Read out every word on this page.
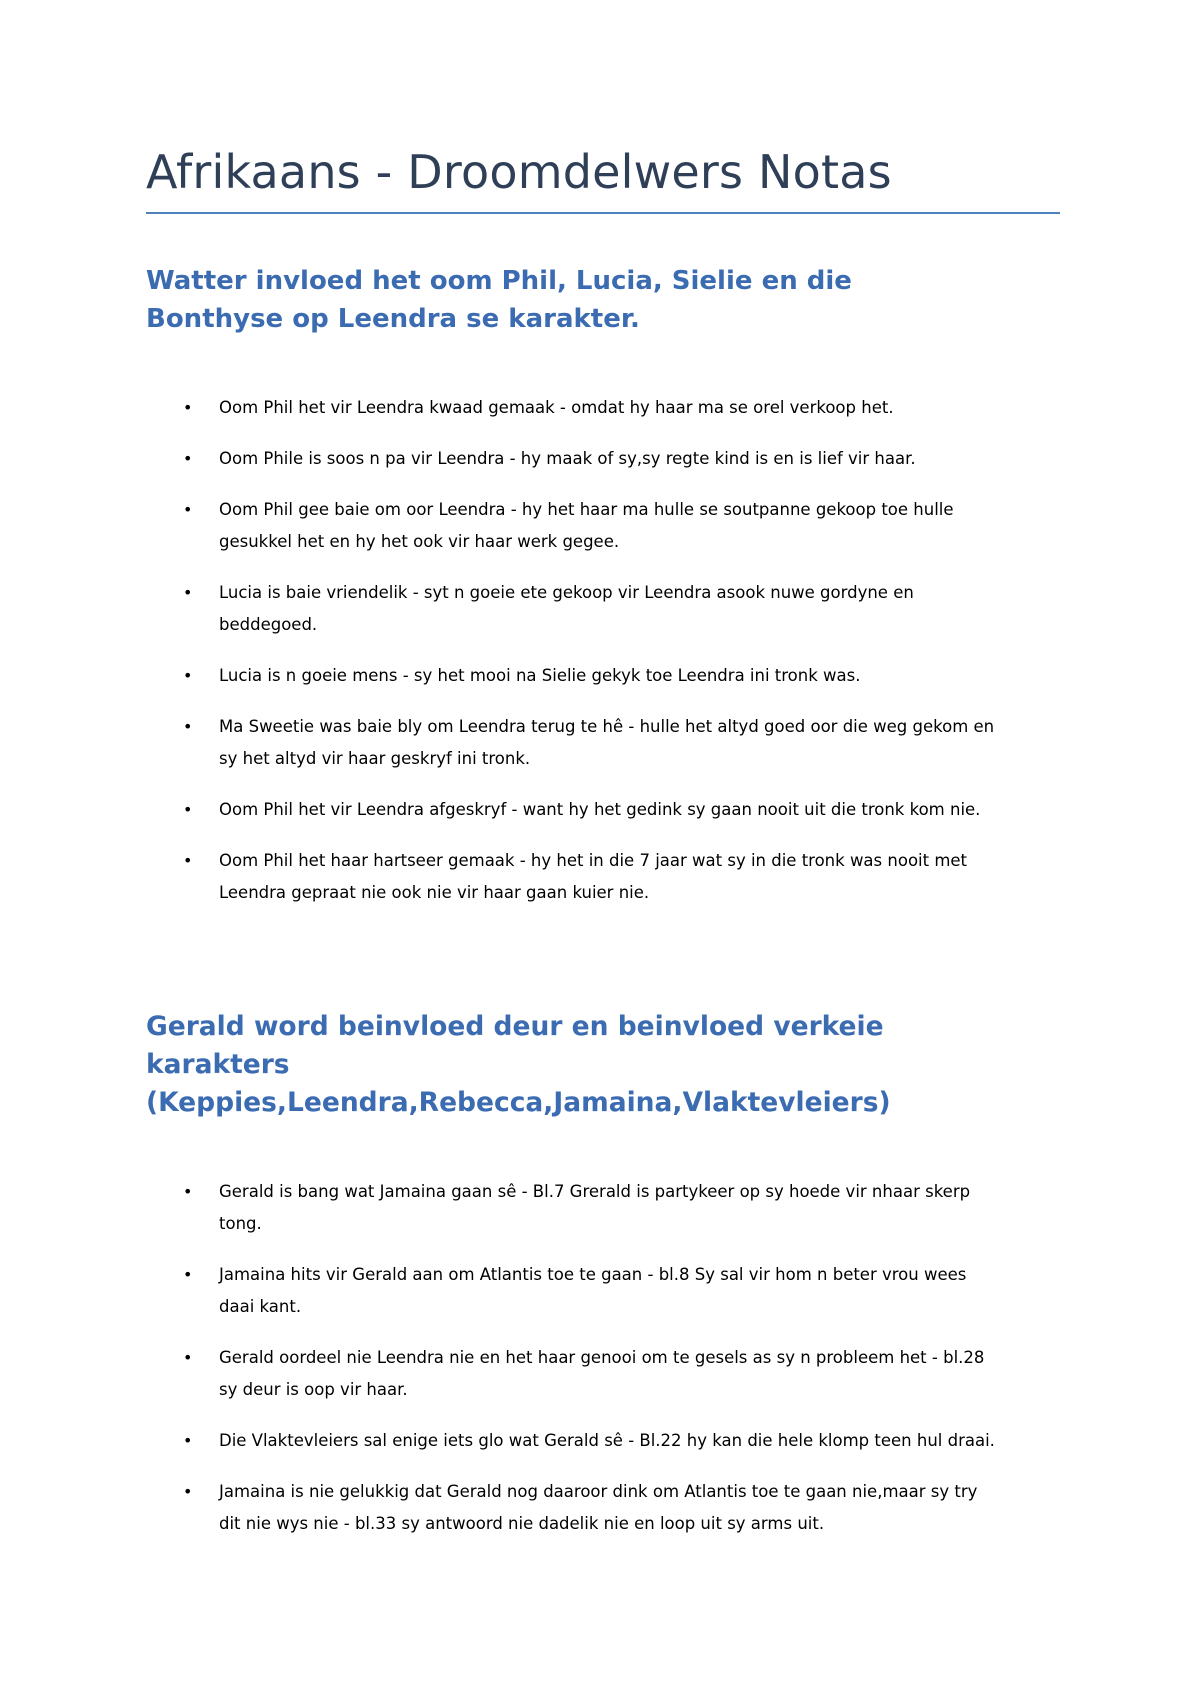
Afrikaans - Droomdelwers Notas
Watter invloed het oom Phil, Lucia, Sielie en die
Bonthyse op Leendra se karakter.
• Oom Phil het vir Leendra kwaad gemaak - omdat hy haar ma se orel verkoop het.
• Oom Phile is soos n pa vir Leendra - hy maak of sy,sy regte kind is en is lief vir haar.
• Oom Phil gee baie om oor Leendra - hy het haar ma hulle se soutpanne gekoop toe hulle
gesukkel het en hy het ook vir haar werk gegee.
• Lucia is baie vriendelik - syt n goeie ete gekoop vir Leendra asook nuwe gordyne en
beddegoed.
• Lucia is n goeie mens - sy het mooi na Sielie gekyk toe Leendra ini tronk was.
• Ma Sweetie was baie bly om Leendra terug te hê - hulle het altyd goed oor die weg gekom en
sy het altyd vir haar geskryf ini tronk.
• Oom Phil het vir Leendra afgeskryf - want hy het gedink sy gaan nooit uit die tronk kom nie.
• Oom Phil het haar hartseer gemaak - hy het in die 7 jaar wat sy in die tronk was nooit met
Leendra gepraat nie ook nie vir haar gaan kuier nie.
Gerald word beinvloed deur en beinvloed verkeie
karakters
(Keppies,Leendra,Rebecca,Jamaina,Vlaktevleiers)
• Gerald is bang wat Jamaina gaan sê - Bl.7 Grerald is partykeer op sy hoede vir nhaar skerp
tong.
• Jamaina hits vir Gerald aan om Atlantis toe te gaan - bl.8 Sy sal vir hom n beter vrou wees
daai kant.
• Gerald oordeel nie Leendra nie en het haar genooi om te gesels as sy n probleem het - bl.28
sy deur is oop vir haar.
• Die Vlaktevleiers sal enige iets glo wat Gerald sê - Bl.22 hy kan die hele klomp teen hul draai.
• Jamaina is nie gelukkig dat Gerald nog daaroor dink om Atlantis toe te gaan nie,maar sy try
dit nie wys nie - bl.33 sy antwoord nie dadelik nie en loop uit sy arms uit.
